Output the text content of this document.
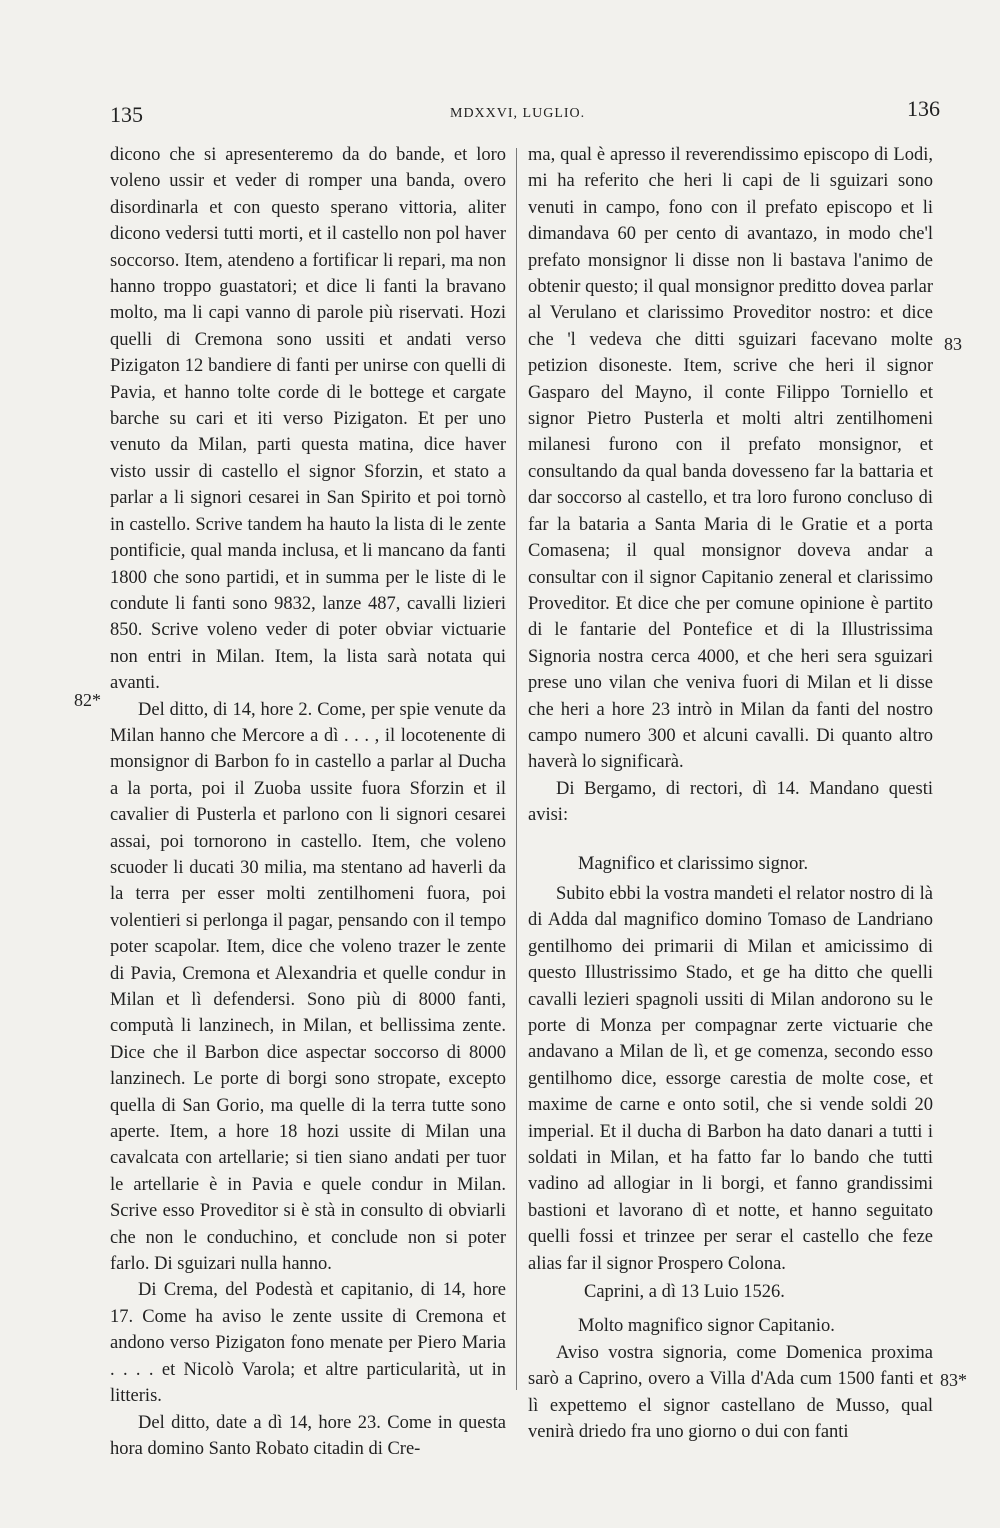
135	MDXXVI, LUGLIO.	136

dicono che si apresenteremo da do bande, et loro voleno ussir et veder di romper una banda, overo disordinarla et con questo sperano vittoria, aliter dicono vedersi tutti morti, et il castello non pol haver soccorso. Item, atendeno a fortificar li repari, ma non hanno troppo guastatori; et dice li fanti la bravano molto, ma li capi vanno di parole più riservati. Hozi quelli di Cremona sono ussiti et andati verso Pizigaton 12 bandiere di fanti per unirse con quelli di Pavia, et hanno tolte corde di le bottege et cargate barche su cari et iti verso Pizigaton. Et per uno venuto da Milan, parti questa matina, dice haver visto ussir di castello el signor Sforzin, et stato a parlar a li signori cesarei in San Spirito et poi tornò in castello. Scrive tandem ha hauto la lista di le zente pontificie, qual manda inclusa, et li mancano da fanti 1800 che sono partidi, et in summa per le liste di le condute li fanti sono 9832, lanze 487, cavalli lizieri 850. Scrive voleno veder di poter obviar victuarie non entri in Milan. Item, la lista sarà notata qui avanti.

Del ditto, di 14, hore 2. Come, per spie venute da Milan hanno che Mercore a dì . . . , il locotenente di monsignor di Barbon fo in castello a parlar al Ducha a la porta, poi il Zuoba ussite fuora Sforzin et il cavalier di Pusterla et parlono con li signori cesarei assai, poi tornorono in castello. Item, che voleno scuoder li ducati 30 milia, ma stentano ad haverli da la terra per esser molti zentilhomeni fuora, poi volentieri si perlonga il pagar, pensando con il tempo poter scapolar. Item, dice che voleno trazer le zente di Pavia, Cremona et Alexandria et quelle condur in Milan et lì defendersi. Sono più di 8000 fanti, computà li lanzinech, in Milan, et bellissima zente. Dice che il Barbon dice aspectar soccorso di 8000 lanzinech. Le porte di borgi sono stropate, excepto quella di San Gorio, ma quelle di la terra tutte sono aperte. Item, a hore 18 hozi ussite di Milan una cavalcata con artellarie; si tien siano andati per tuor le artellarie è in Pavia e quele condur in Milan. Scrive esso Proveditor si è stà in consulto di obviarli che non le conduchino, et conclude non si poter farlo. Di sguizari nulla hanno.

Di Crema, del Podestà et capitanio, di 14, hore 17. Come ha aviso le zente ussite di Cremona et andono verso Pizigaton fono menate per Piero Maria . . . . et Nicolò Varola; et altre particularità, ut in litteris.

Del ditto, date a dì 14, hore 23. Come in questa hora domino Santo Robato citadin di Cre-

ma, qual è apresso il reverendissimo episcopo di Lodi, mi ha referito che heri li capi de li sguizari sono venuti in campo, fono con il prefato episcopo et li dimandava 60 per cento di avantazo, in modo che'l prefato monsignor li disse non li bastava l'animo de obtenir questo; il qual monsignor preditto dovea parlar al Verulano et clarissimo Proveditor nostro: et dice che 'l vedeva che ditti sguizari facevano molte petizion disoneste. Item, scrive che heri il signor Gasparo del Mayno, il conte Filippo Torniello et signor Pietro Pusterla et molti altri zentilhomeni milanesi furono con il prefato monsignor, et consultando da qual banda dovesseno far la battaria et dar soccorso al castello, et tra loro furono concluso di far la bataria a Santa Maria di le Gratie et a porta Comasena; il qual monsignor doveva andar a consultar con il signor Capitanio zeneral et clarissimo Proveditor. Et dice che per comune opinione è partito di le fantarie del Pontefice et di la Illustrissima Signoria nostra cerca 4000, et che heri sera sguizari prese uno vilan che veniva fuori di Milan et li disse che heri a hore 23 intrò in Milan da fanti del nostro campo numero 300 et alcuni cavalli. Di quanto altro haverà lo significarà.

Di Bergamo, di rectori, dì 14. Mandano questi avisi:

Magnifico et clarissimo signor.

Subito ebbi la vostra mandeti el relator nostro di là di Adda dal magnifico domino Tomaso de Landriano gentilhomo dei primarii di Milan et amicissimo di questo Illustrissimo Stado, et ge ha ditto che quelli cavalli lezieri spagnoli ussiti di Milan andorono su le porte di Monza per compagnar zerte victuarie che andavano a Milan de lì, et ge comenza, secondo esso gentilhomo dice, essorge carestia de molte cose, et maxime de carne e onto sotil, che si vende soldi 20 imperial. Et il ducha di Barbon ha dato danari a tutti i soldati in Milan, et ha fatto far lo bando che tutti vadino ad allogiar in li borgi, et fanno grandissimi bastioni et lavorano dì et notte, et hanno seguitato quelli fossi et trinzee per serar el castello che feze alias far il signor Prospero Colona.

Caprini, a dì 13 Luio 1526.

Molto magnifico signor Capitanio.

Aviso vostra signoria, come Domenica proxima sarò a Caprino, overo a Villa d'Ada cum 1500 fanti et lì expettemo el signor castellano de Musso, qual venirà driedo fra uno giorno o dui con fanti

82*
83
83*
